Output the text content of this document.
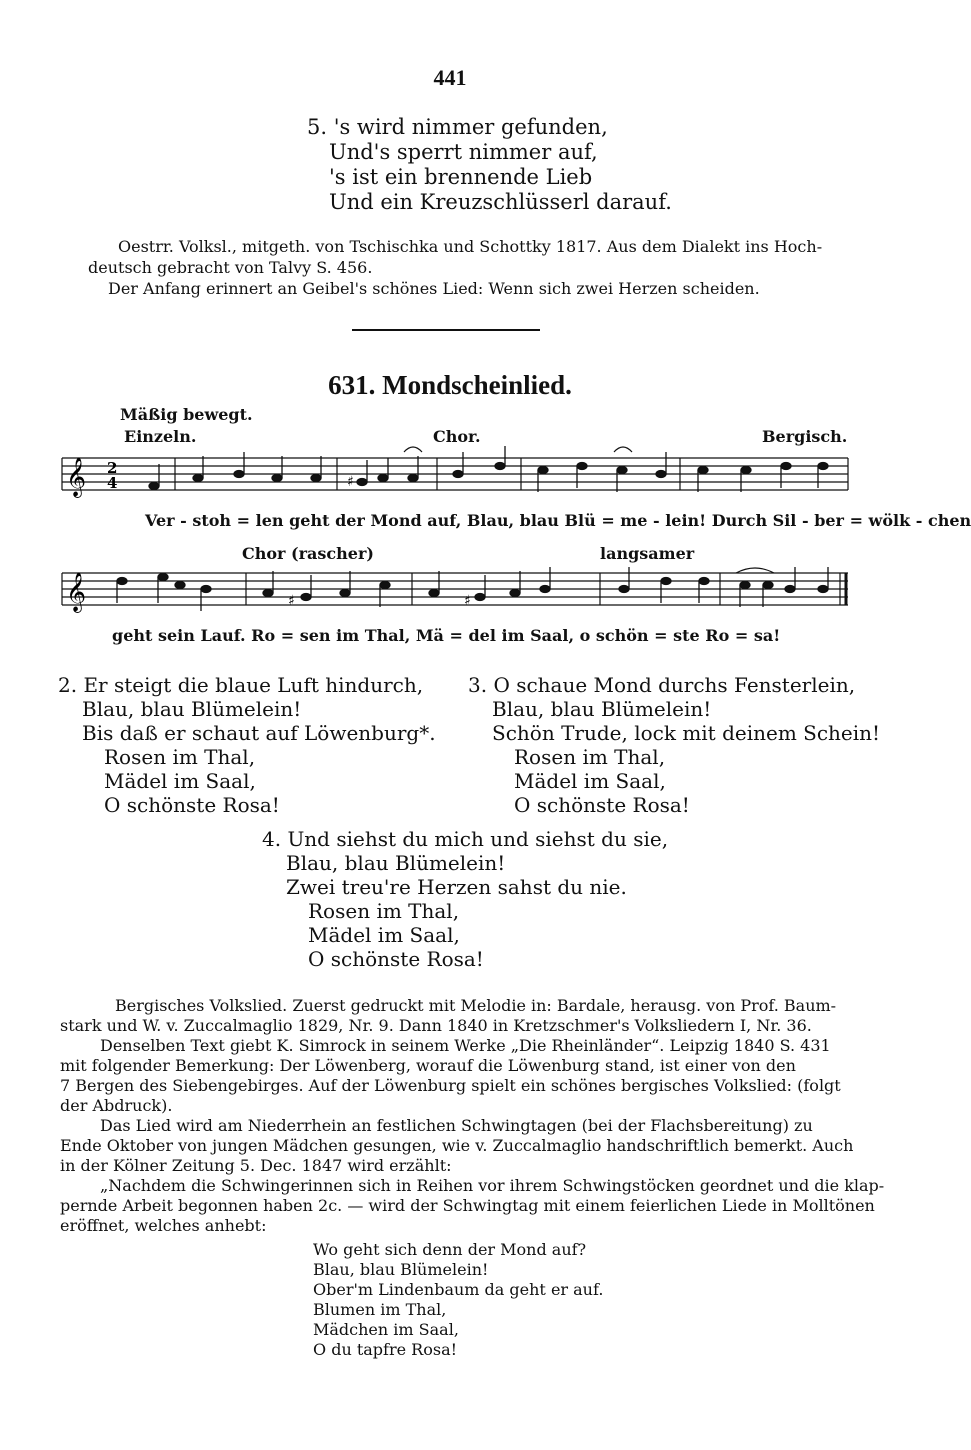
441
5. 's wird nimmer gefunden,
Und's sperrt nimmer auf,
's ist ein brennende Lieb
Und ein Kreuzschlüsserl darauf.
Oestrr. Volksl., mitgeth. von Tschischka und Schottky 1817. Aus dem Dialekt ins Hoch-
deutsch gebracht von Talvy S. 456.
Der Anfang erinnert an Geibel's schönes Lied: Wenn sich zwei Herzen scheiden.
631. Mondscheinlied.
Mäßig bewegt.
Einzeln.	Chor.	Bergisch.
𝄞 2
4	♯
Ver - stoh = len geht der Mond auf, Blau, blau Blü = me - lein! Durch Sil - ber = wölk - chen
Chor (rascher)	langsamer
𝄞	♯	♯
geht sein Lauf. Ro = sen im Thal, Mä = del im Saal, o schön = ste Ro = sa!
2. Er steigt die blaue Luft hindurch,
Blau, blau Blümelein!
Bis daß er schaut auf Löwenburg*.
Rosen im Thal,
Mädel im Saal,
O schönste Rosa!
3. O schaue Mond durchs Fensterlein,
Blau, blau Blümelein!
Schön Trude, lock mit deinem Schein!
Rosen im Thal,
Mädel im Saal,
O schönste Rosa!
4. Und siehst du mich und siehst du sie,
Blau, blau Blümelein!
Zwei treu're Herzen sahst du nie.
Rosen im Thal,
Mädel im Saal,
O schönste Rosa!
Bergisches Volkslied. Zuerst gedruckt mit Melodie in: Bardale, herausg. von Prof. Baum-
stark und W. v. Zuccalmaglio 1829, Nr. 9. Dann 1840 in Kretzschmer's Volksliedern I, Nr. 36.
Denselben Text giebt K. Simrock in seinem Werke „Die Rheinländer“. Leipzig 1840 S. 431
mit folgender Bemerkung: Der Löwenberg, worauf die Löwenburg stand, ist einer von den
7 Bergen des Siebengebirges. Auf der Löwenburg spielt ein schönes bergisches Volkslied: (folgt
der Abdruck).
Das Lied wird am Niederrhein an festlichen Schwingtagen (bei der Flachsbereitung) zu
Ende Oktober von jungen Mädchen gesungen, wie v. Zuccalmaglio handschriftlich bemerkt. Auch
in der Kölner Zeitung 5. Dec. 1847 wird erzählt:
„Nachdem die Schwingerinnen sich in Reihen vor ihrem Schwingstöcken geordnet und die klap-
pernde Arbeit begonnen haben 2c. — wird der Schwingtag mit einem feierlichen Liede in Molltönen
eröffnet, welches anhebt:
Wo geht sich denn der Mond auf?
Blau, blau Blümelein!
Ober'm Lindenbaum da geht er auf.
Blumen im Thal,
Mädchen im Saal,
O du tapfre Rosa!
